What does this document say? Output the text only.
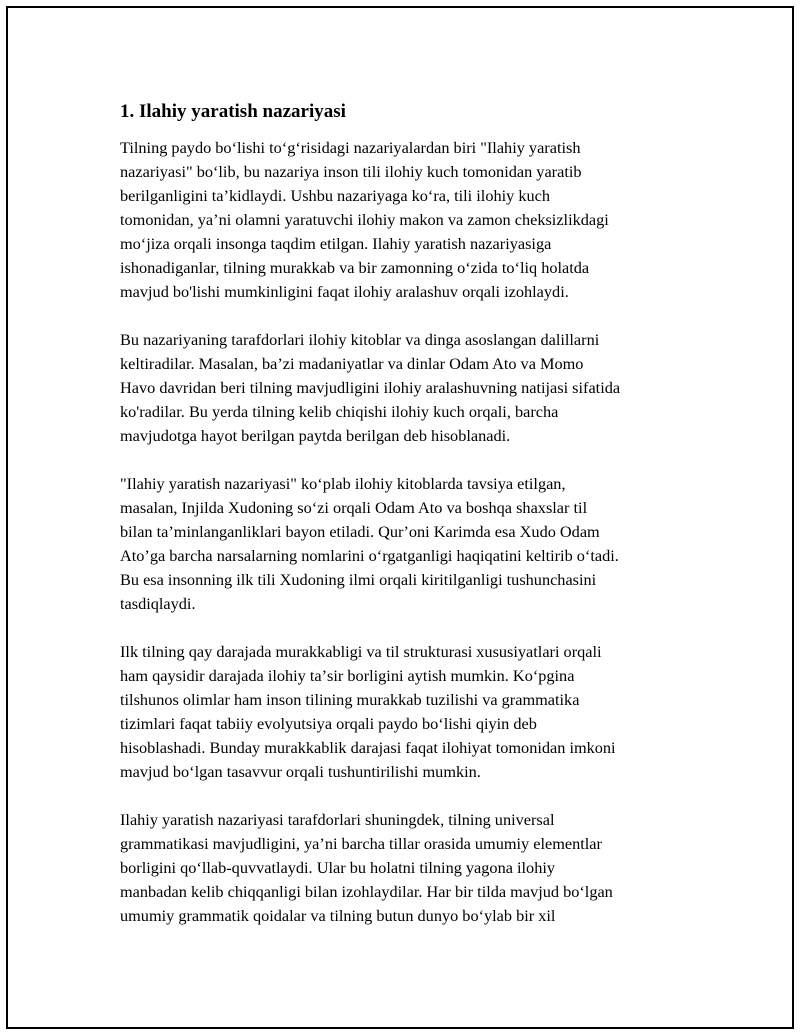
1. Ilahiy yaratish nazariyasi

Tilning paydo boʻlishi toʻgʻrisidagi nazariyalardan biri "Ilahiy yaratish
nazariyasi" boʻlib, bu nazariya inson tili ilohiy kuch tomonidan yaratib
berilganligini taʼkidlaydi. Ushbu nazariyaga koʻra, tili ilohiy kuch
tomonidan, yaʼni olamni yaratuvchi ilohiy makon va zamon cheksizlikdagi
moʻjiza orqali insonga taqdim etilgan. Ilahiy yaratish nazariyasiga
ishonadiganlar, tilning murakkab va bir zamonning oʻzida toʻliq holatda
mavjud bo'lishi mumkinligini faqat ilohiy aralashuv orqali izohlaydi.

Bu nazariyaning tarafdorlari ilohiy kitoblar va dinga asoslangan dalillarni
keltiradilar. Masalan, baʼzi madaniyatlar va dinlar Odam Ato va Momo
Havo davridan beri tilning mavjudligini ilohiy aralashuvning natijasi sifatida
ko'radilar. Bu yerda tilning kelib chiqishi ilohiy kuch orqali, barcha
mavjudotga hayot berilgan paytda berilgan deb hisoblanadi.

"Ilahiy yaratish nazariyasi" koʻplab ilohiy kitoblarda tavsiya etilgan,
masalan, Injilda Xudoning soʻzi orqali Odam Ato va boshqa shaxslar til
bilan taʼminlanganliklari bayon etiladi. Qurʼoni Karimda esa Xudo Odam
Atoʼga barcha narsalarning nomlarini oʻrgatganligi haqiqatini keltirib oʻtadi.
Bu esa insonning ilk tili Xudoning ilmi orqali kiritilganligi tushunchasini
tasdiqlaydi.

Ilk tilning qay darajada murakkabligi va til strukturasi xususiyatlari orqali
ham qaysidir darajada ilohiy taʼsir borligini aytish mumkin. Koʻpgina
tilshunos olimlar ham inson tilining murakkab tuzilishi va grammatika
tizimlari faqat tabiiy evolyutsiya orqali paydo boʻlishi qiyin deb
hisoblashadi. Bunday murakkablik darajasi faqat ilohiyat tomonidan imkoni
mavjud boʻlgan tasavvur orqali tushuntirilishi mumkin.

Ilahiy yaratish nazariyasi tarafdorlari shuningdek, tilning universal
grammatikasi mavjudligini, yaʼni barcha tillar orasida umumiy elementlar
borligini qoʻllab-quvvatlaydi. Ular bu holatni tilning yagona ilohiy
manbadan kelib chiqqanligi bilan izohlaydilar. Har bir tilda mavjud boʻlgan
umumiy grammatik qoidalar va tilning butun dunyo boʻylab bir xil
